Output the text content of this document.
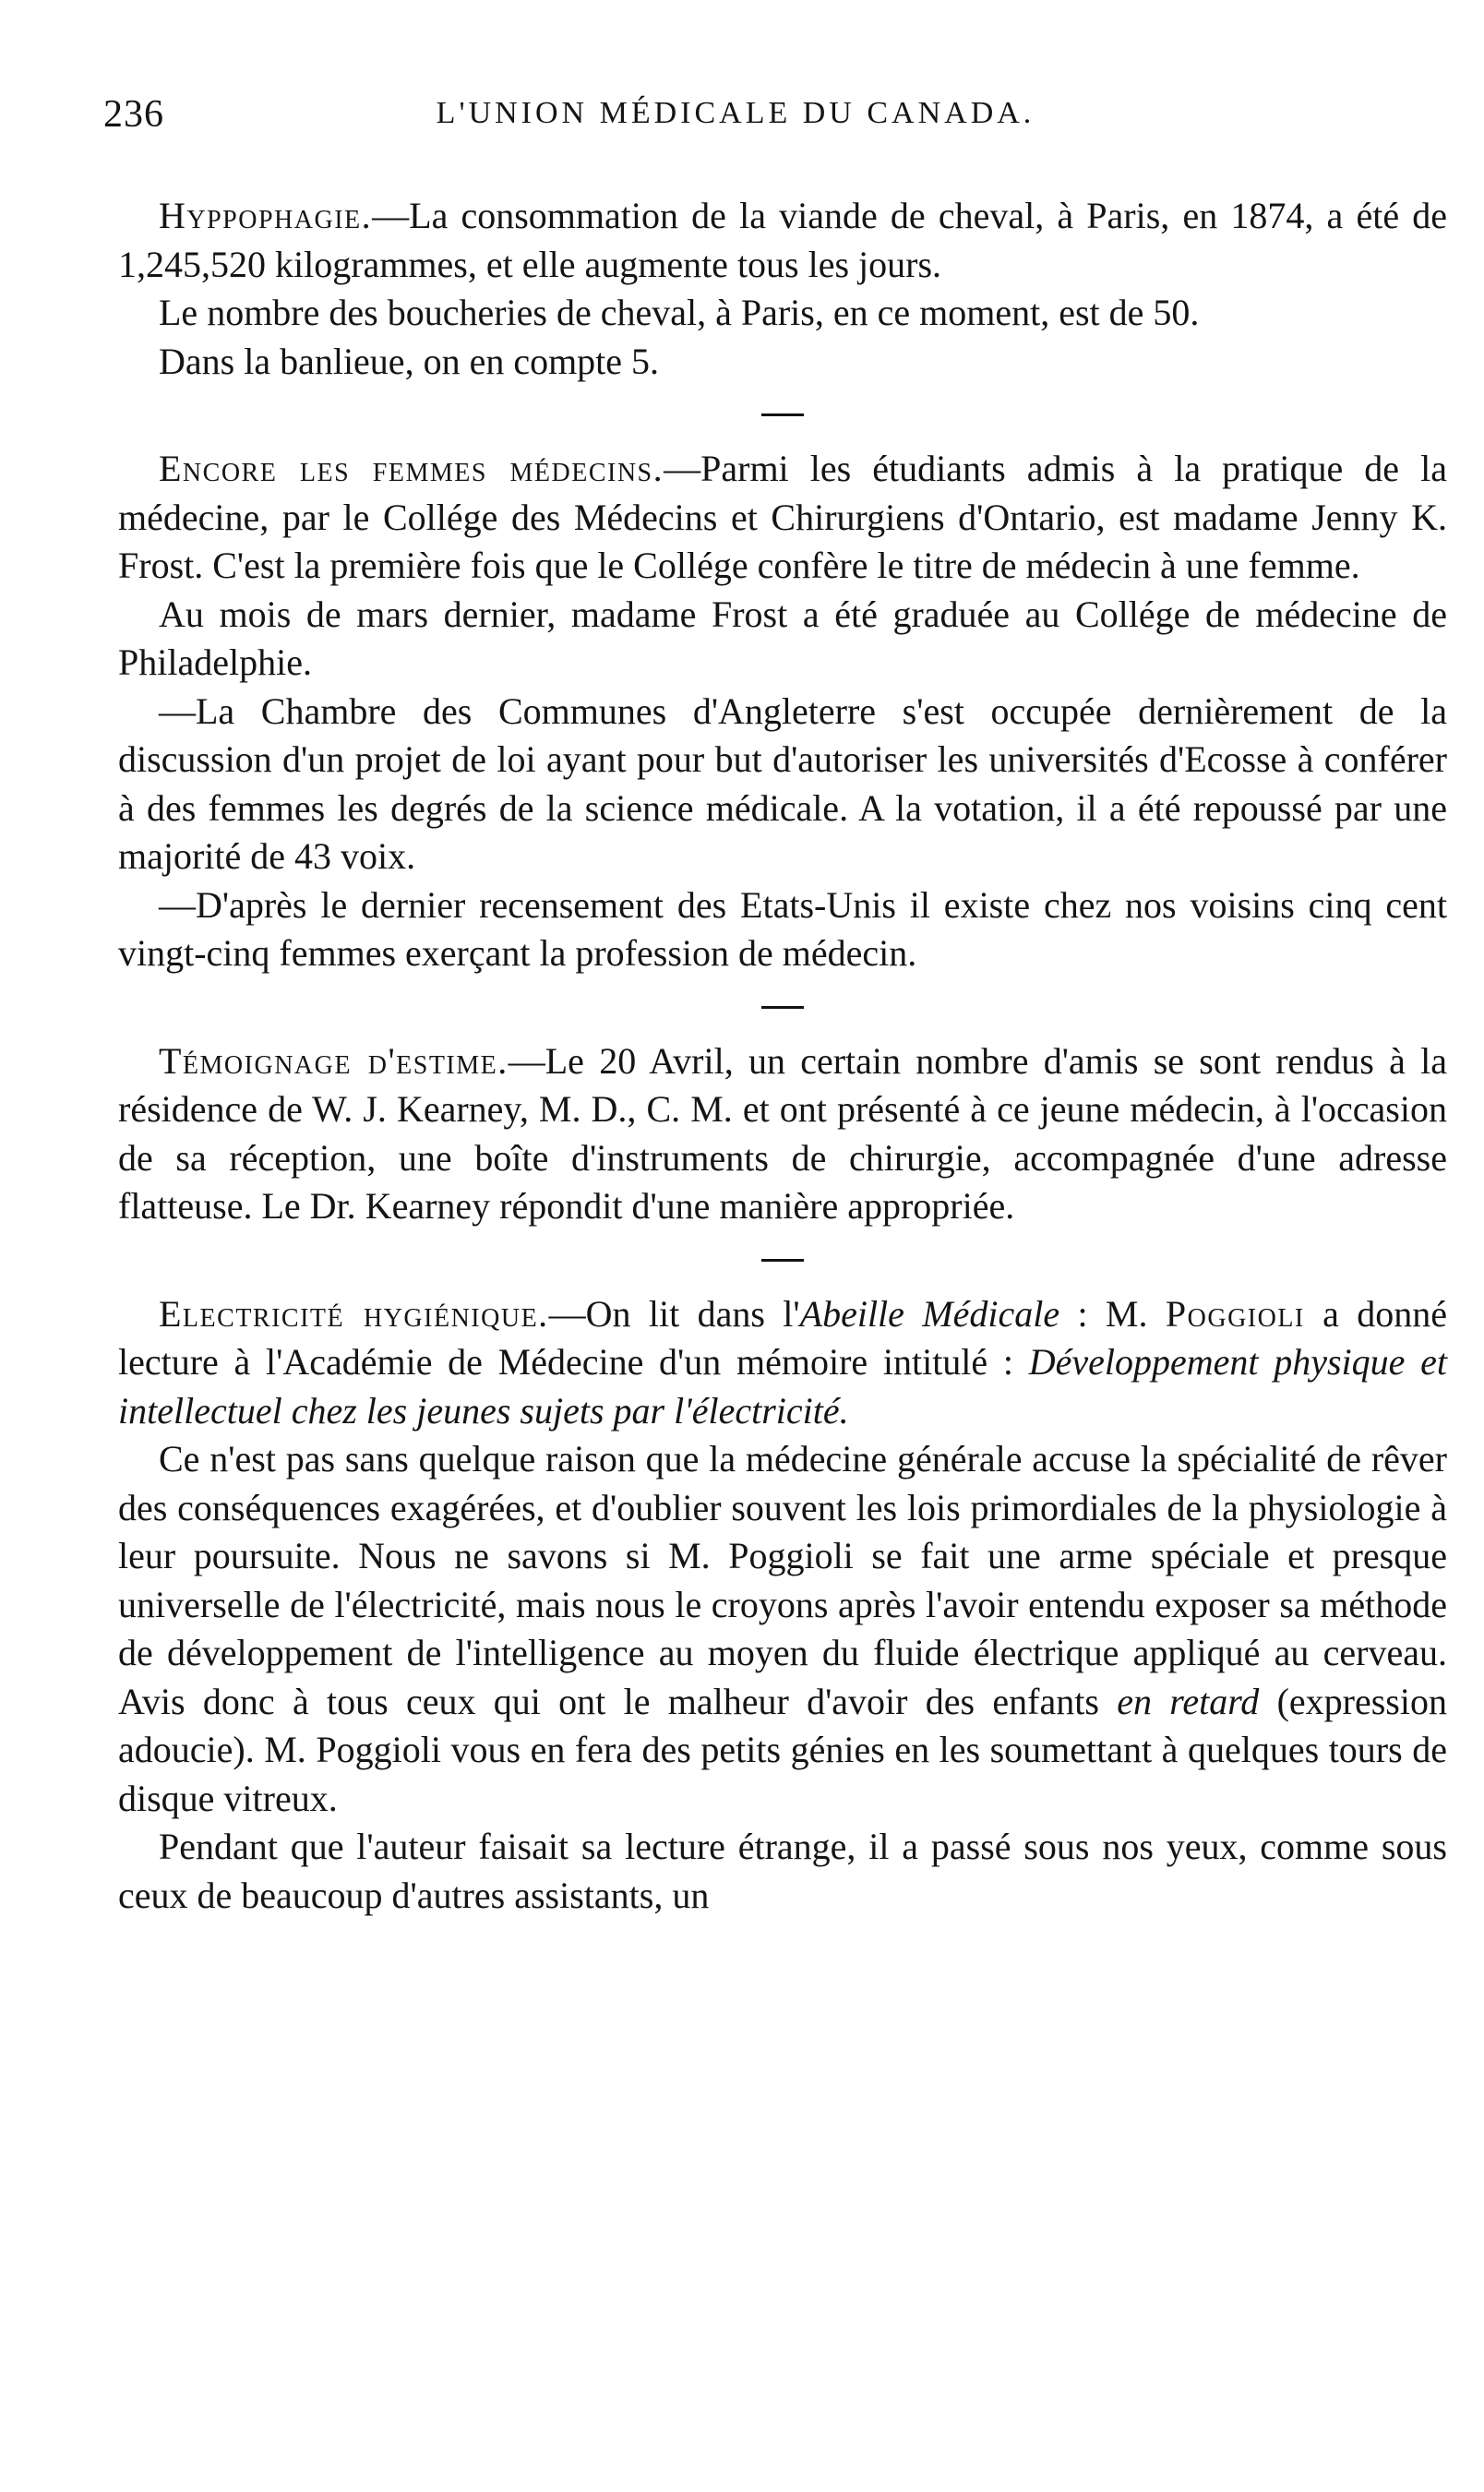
236	L'UNION MÉDICALE DU CANADA.

Hyppophagie.—La consommation de la viande de cheval, à Paris, en 1874, a été de 1,245,520 kilogrammes, et elle augmente tous les jours.

Le nombre des boucheries de cheval, à Paris, en ce moment, est de 50.

Dans la banlieue, on en compte 5.

Encore les femmes médecins.—Parmi les étudiants admis à la pratique de la médecine, par le Collége des Médecins et Chirurgiens d'Ontario, est madame Jenny K. Frost. C'est la première fois que le Collége confère le titre de médecin à une femme.

Au mois de mars dernier, madame Frost a été graduée au Collége de médecine de Philadelphie.

—La Chambre des Communes d'Angleterre s'est occupée dernièrement de la discussion d'un projet de loi ayant pour but d'autoriser les universités d'Ecosse à conférer à des femmes les degrés de la science médicale. A la votation, il a été repoussé par une majorité de 43 voix.

—D'après le dernier recensement des Etats-Unis il existe chez nos voisins cinq cent vingt-cinq femmes exerçant la profession de médecin.

Témoignage d'estime.—Le 20 Avril, un certain nombre d'amis se sont rendus à la résidence de W. J. Kearney, M. D., C. M. et ont présenté à ce jeune médecin, à l'occasion de sa réception, une boîte d'instruments de chirurgie, accompagnée d'une adresse flatteuse. Le Dr. Kearney répondit d'une manière appropriée.

Electricité hygiénique.—On lit dans l'Abeille Médicale : M. Poggioli a donné lecture à l'Académie de Médecine d'un mémoire intitulé : Développement physique et intellectuel chez les jeunes sujets par l'électricité.

Ce n'est pas sans quelque raison que la médecine générale accuse la spécialité de rêver des conséquences exagérées, et d'oublier souvent les lois primordiales de la physiologie à leur poursuite. Nous ne savons si M. Poggioli se fait une arme spéciale et presque universelle de l'électricité, mais nous le croyons après l'avoir entendu exposer sa méthode de développement de l'intelligence au moyen du fluide électrique appliqué au cerveau. Avis donc à tous ceux qui ont le malheur d'avoir des enfants en retard (expression adoucie). M. Poggioli vous en fera des petits génies en les soumettant à quelques tours de disque vitreux.

Pendant que l'auteur faisait sa lecture étrange, il a passé sous nos yeux, comme sous ceux de beaucoup d'autres assistants, un
